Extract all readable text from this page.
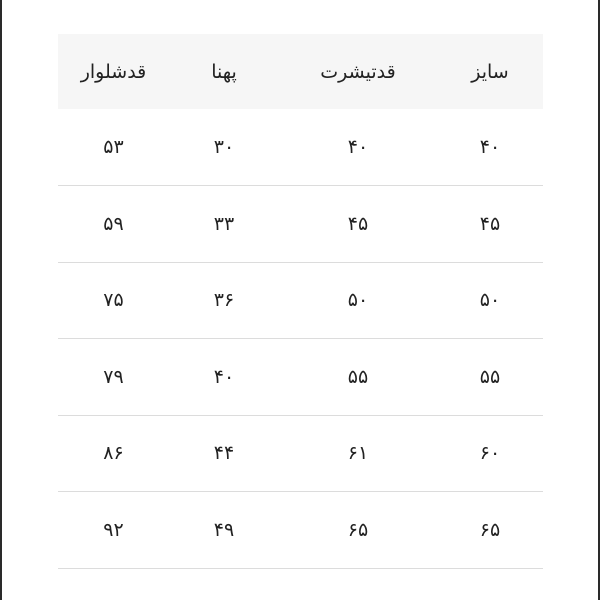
سایز	قدتیشرت	پهنا	قدشلوار
۴۰	۴۰	۳۰	۵۳
۴۵	۴۵	۳۳	۵۹
۵۰	۵۰	۳۶	۷۵
۵۵	۵۵	۴۰	۷۹
۶۰	۶۱	۴۴	۸۶
۶۵	۶۵	۴۹	۹۲
